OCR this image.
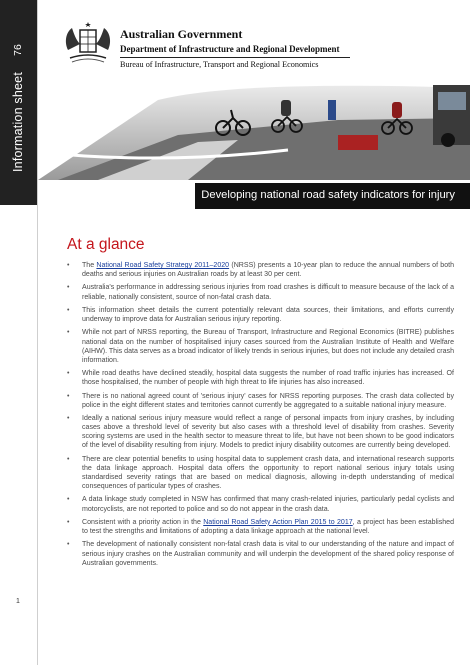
76
Information sheet
1
Australian Government
Department of Infrastructure and Regional Development
Bureau of Infrastructure, Transport and Regional Economics
Developing national road safety indicators for injury
At a glance
• The National Road Safety Strategy 2011–2020 (NRSS) presents a 10-year plan to reduce the annual numbers of both deaths and serious injuries on Australian roads by at least 30 per cent.
• Australia's performance in addressing serious injuries from road crashes is difficult to measure because of the lack of a reliable, nationally consistent, source of non-fatal crash data.
• This information sheet details the current potentially relevant data sources, their limitations, and efforts currently underway to improve data for Australian serious injury reporting.
• While not part of NRSS reporting, the Bureau of Transport, Infrastructure and Regional Economics (BITRE) publishes national data on the number of hospitalised injury cases sourced from the Australian Institute of Health and Welfare (AIHW). This data serves as a broad indicator of likely trends in serious injuries, but does not include any detailed crash information.
• While road deaths have declined steadily, hospital data suggests the number of road traffic injuries has increased. Of those hospitalised, the number of people with high threat to life injuries has also increased.
• There is no national agreed count of 'serious injury' cases for NRSS reporting purposes. The crash data collected by police in the eight different states and territories cannot currently be aggregated to a suitable national injury measure.
• Ideally a national serious injury measure would reflect a range of personal impacts from injury crashes, by including cases above a threshold level of severity but also cases with a threshold level of disability from crashes. Severity scoring systems are used in the health sector to measure threat to life, but have not been shown to be good indicators of the level of disability resulting from injury. Models to predict injury disability outcomes are currently being developed.
• There are clear potential benefits to using hospital data to supplement crash data, and international research supports the data linkage approach. Hospital data offers the opportunity to report national serious injury totals using standardised severity ratings that are based on medical diagnosis, allowing in-depth understanding of medical consequences of particular types of crashes.
• A data linkage study completed in NSW has confirmed that many crash-related injuries, particularly pedal cyclists and motorcyclists, are not reported to police and so do not appear in the crash data.
• Consistent with a priority action in the National Road Safety Action Plan 2015 to 2017, a project has been established to test the strengths and limitations of adopting a data linkage approach at the national level.
• The development of nationally consistent non-fatal crash data is vital to our understanding of the nature and impact of serious injury crashes on the Australian community and will underpin the development of the shared policy response of Australian governments.
